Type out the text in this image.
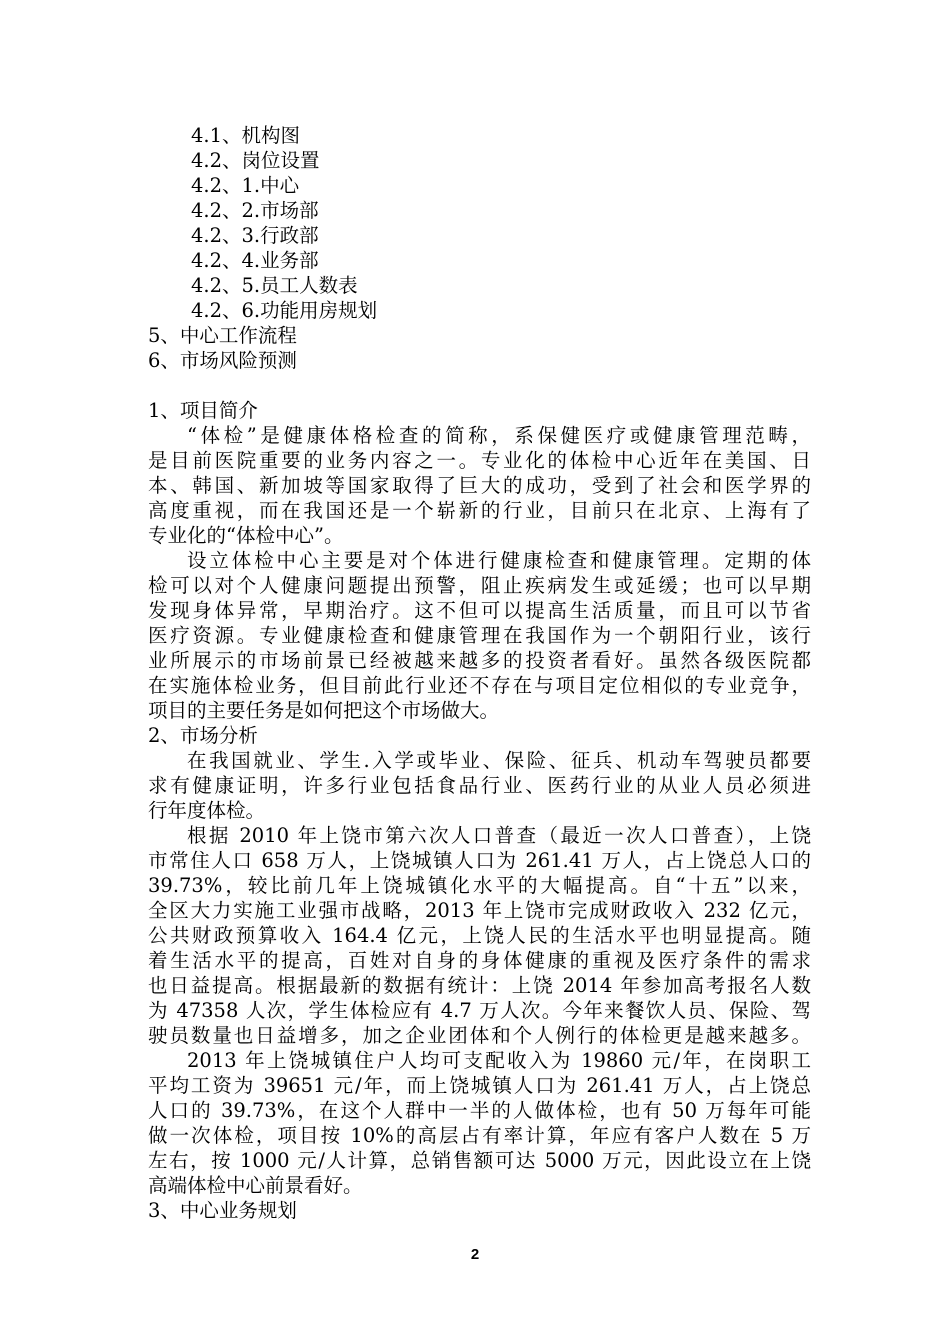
4.1、机构图
4.2、岗位设置
4.2、1.中心
4.2、2.市场部
4.2、3.行政部
4.2、4.业务部
4.2、5.员工人数表
4.2、6.功能用房规划
5、中心工作流程
6、市场风险预测
1、项目简介
“体检”是健康体格检查的简称，系保健医疗或健康管理范畴，
是目前医院重要的业务内容之一。专业化的体检中心近年在美国、日
本、韩国、新加坡等国家取得了巨大的成功，受到了社会和医学界的
高度重视，而在我国还是一个崭新的行业，目前只在北京、上海有了
专业化的“体检中心”。
设立体检中心主要是对个体进行健康检查和健康管理。定期的体
检可以对个人健康问题提出预警，阻止疾病发生或延缓；也可以早期
发现身体异常，早期治疗。这不但可以提高生活质量，而且可以节省
医疗资源。专业健康检查和健康管理在我国作为一个朝阳行业，该行
业所展示的市场前景已经被越来越多的投资者看好。虽然各级医院都
在实施体检业务，但目前此行业还不存在与项目定位相似的专业竞争，
项目的主要任务是如何把这个市场做大。
2、市场分析
在我国就业、学生.入学或毕业、保险、征兵、机动车驾驶员都要
求有健康证明，许多行业包括食品行业、医药行业的从业人员必须进
行年度体检。
根据 2010 年上饶市第六次人口普查（最近一次人口普查），上饶
市常住人口 658 万人，上饶城镇人口为 261.41 万人，占上饶总人口的
39.73%，较比前几年上饶城镇化水平的大幅提高。自“十五”以来，
全区大力实施工业强市战略，2013 年上饶市完成财政收入 232 亿元，
公共财政预算收入 164.4 亿元，上饶人民的生活水平也明显提高。随
着生活水平的提高，百姓对自身的身体健康的重视及医疗条件的需求
也日益提高。根据最新的数据有统计：上饶 2014 年参加高考报名人数
为 47358 人次，学生体检应有 4.7 万人次。今年来餐饮人员、保险、驾
驶员数量也日益增多，加之企业团体和个人例行的体检更是越来越多。
2013 年上饶城镇住户人均可支配收入为 19860 元/年，在岗职工
平均工资为 39651 元/年，而上饶城镇人口为 261.41 万人，占上饶总
人口的 39.73%，在这个人群中一半的人做体检，也有 50 万每年可能
做一次体检，项目按 10%的高层占有率计算，年应有客户人数在 5 万
左右，按 1000 元/人计算，总销售额可达 5000 万元，因此设立在上饶
高端体检中心前景看好。
3、中心业务规划
2
